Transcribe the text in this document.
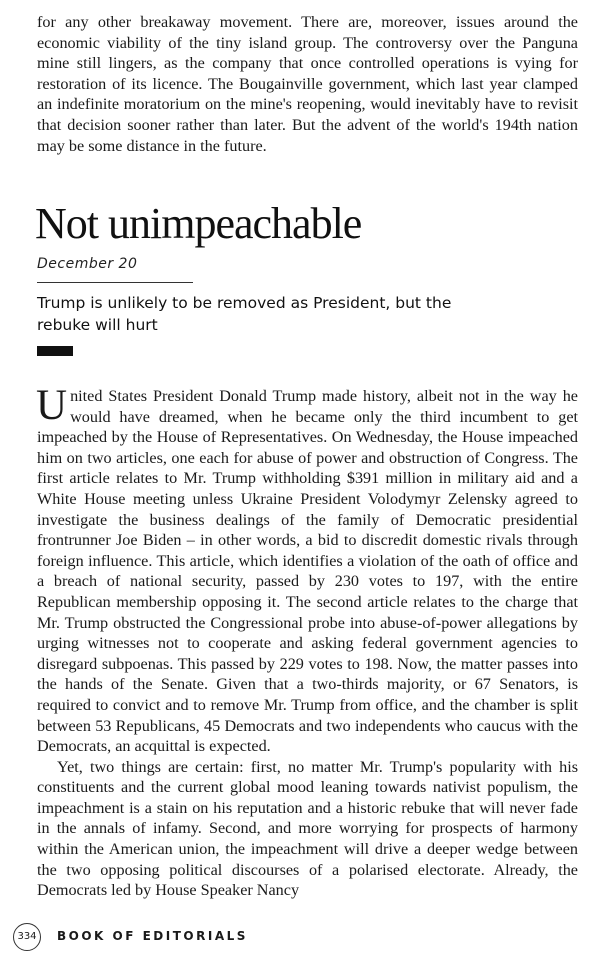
for any other breakaway movement. There are, moreover, issues around the economic viability of the tiny island group. The controversy over the Panguna mine still lingers, as the company that once controlled operations is vying for restoration of its licence. The Bougainville government, which last year clamped an indefinite moratorium on the mine's reopening, would inevitably have to revisit that decision sooner rather than later. But the advent of the world's 194th nation may be some distance in the future.

Not unimpeachable

December 20

Trump is unlikely to be removed as President, but the rebuke will hurt

United States President Donald Trump made history, albeit not in the way he would have dreamed, when he became only the third incumbent to get impeached by the House of Representatives. On Wednesday, the House impeached him on two articles, one each for abuse of power and obstruction of Congress. The first article relates to Mr. Trump withholding $391 million in military aid and a White House meeting unless Ukraine President Volodymyr Zelensky agreed to investigate the business dealings of the family of Democratic presidential frontrunner Joe Biden – in other words, a bid to discredit domestic rivals through foreign influence. This article, which identifies a violation of the oath of office and a breach of national security, passed by 230 votes to 197, with the entire Republican membership opposing it. The second article relates to the charge that Mr. Trump obstructed the Congressional probe into abuse-of-power allegations by urging witnesses not to cooperate and asking federal government agencies to disregard subpoenas. This passed by 229 votes to 198. Now, the matter passes into the hands of the Senate. Given that a two-thirds majority, or 67 Senators, is required to convict and to remove Mr. Trump from office, and the chamber is split between 53 Republicans, 45 Democrats and two independents who caucus with the Democrats, an acquittal is expected.

Yet, two things are certain: first, no matter Mr. Trump's popularity with his constituents and the current global mood leaning towards nativist populism, the impeachment is a stain on his reputation and a historic rebuke that will never fade in the annals of infamy. Second, and more worrying for prospects of harmony within the American union, the impeachment will drive a deeper wedge between the two opposing political discourses of a polarised electorate. Already, the Democrats led by House Speaker Nancy

334	BOOK OF EDITORIALS
